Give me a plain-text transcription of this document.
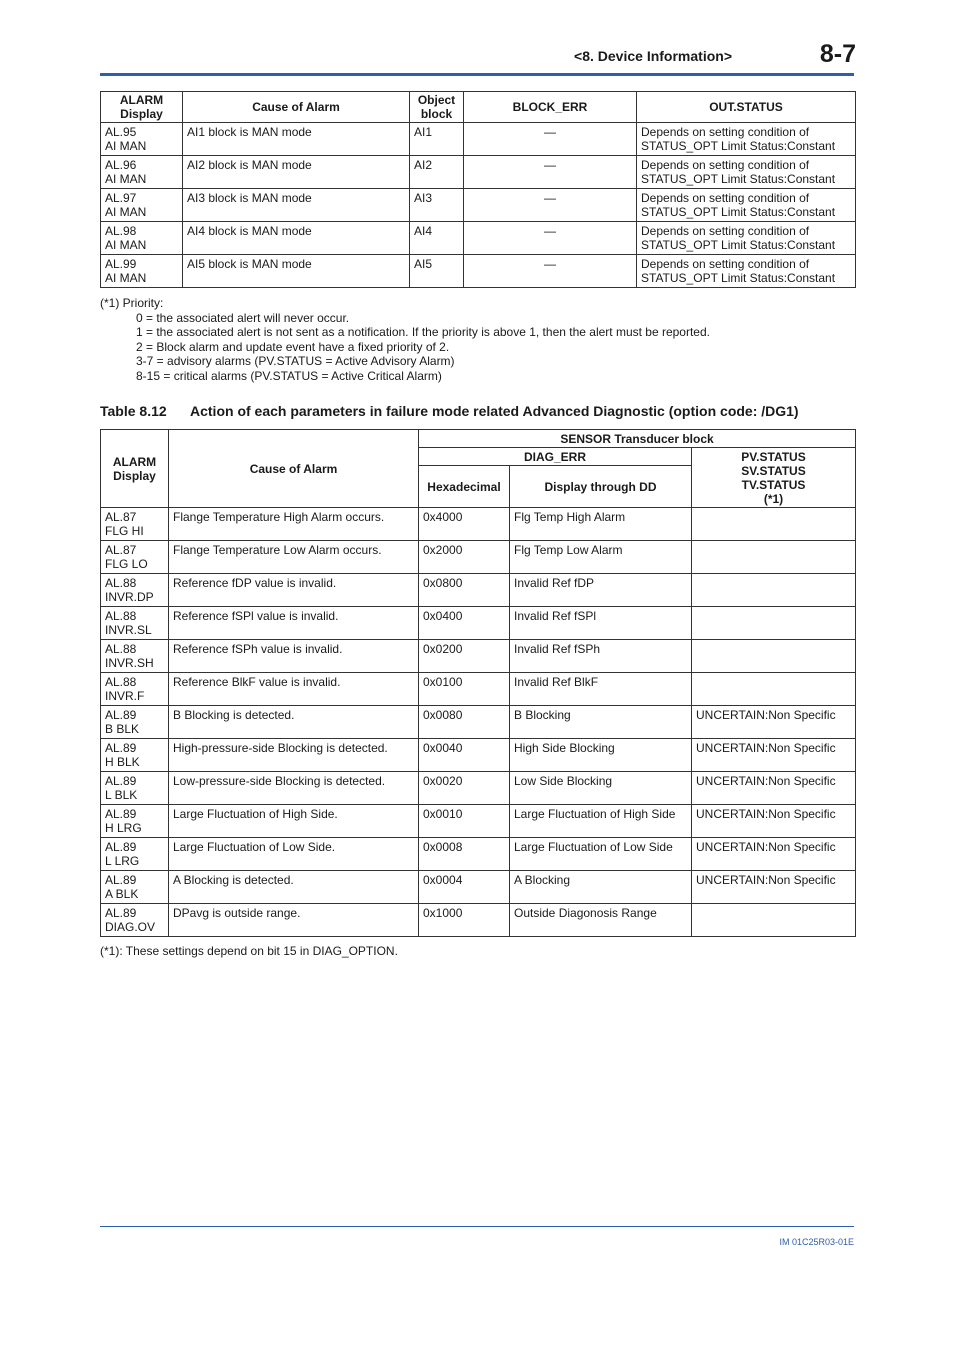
<8. Device Information>	8-7
ALARM Display	Cause of Alarm	Object block	BLOCK_ERR	OUT.STATUS
AL.95
AI MAN	AI1 block is MAN mode	AI1	—	Depends on setting condition of
STATUS_OPT Limit Status:Constant
AL.96
AI MAN	AI2 block is MAN mode	AI2	—	Depends on setting condition of
STATUS_OPT Limit Status:Constant
AL.97
AI MAN	AI3 block is MAN mode	AI3	—	Depends on setting condition of
STATUS_OPT Limit Status:Constant
AL.98
AI MAN	AI4 block is MAN mode	AI4	—	Depends on setting condition of
STATUS_OPT Limit Status:Constant
AL.99
AI MAN	AI5 block is MAN mode	AI5	—	Depends on setting condition of
STATUS_OPT Limit Status:Constant
(*1) Priority:
0 = the associated alert will never occur.
1 = the associated alert is not sent as a notification. If the priority is above 1, then the alert must be reported.
2 = Block alarm and update event have a fixed priority of 2.
3-7 = advisory alarms (PV.STATUS = Active Advisory Alarm)
8-15 = critical alarms (PV.STATUS = Active Critical Alarm)
Table 8.12 Action of each parameters in failure mode related Advanced Diagnostic (option code: /DG1)
ALARM
Display	Cause of Alarm	SENSOR Transducer block		
		DIAG_ERR		PV.STATUS
SV.STATUS
TV.STATUS
(*1)
		Hexadecimal	Display through DD	
AL.87
FLG HI	Flange Temperature High Alarm occurs.	0x4000	Flg Temp High Alarm	
AL.87
FLG LO	Flange Temperature Low Alarm occurs.	0x2000	Flg Temp Low Alarm	
AL.88
INVR.DP	Reference fDP value is invalid.	0x0800	Invalid Ref fDP	
AL.88
INVR.SL	Reference fSPl value is invalid.	0x0400	Invalid Ref fSPl	
AL.88
INVR.SH	Reference fSPh value is invalid.	0x0200	Invalid Ref fSPh	
AL.88
INVR.F	Reference BlkF value is invalid.	0x0100	Invalid Ref BlkF	
AL.89
B BLK	B Blocking is detected.	0x0080	B Blocking	UNCERTAIN:Non Specific
AL.89
H BLK	High-pressure-side Blocking is detected.	0x0040	High Side Blocking	UNCERTAIN:Non Specific
AL.89
L BLK	Low-pressure-side Blocking is detected.	0x0020	Low Side Blocking	UNCERTAIN:Non Specific
AL.89
H LRG	Large Fluctuation of High Side.	0x0010	Large Fluctuation of High Side	UNCERTAIN:Non Specific
AL.89
L LRG	Large Fluctuation of Low Side.	0x0008	Large Fluctuation of Low Side	UNCERTAIN:Non Specific
AL.89
A BLK	A Blocking is detected.	0x0004	A Blocking	UNCERTAIN:Non Specific
AL.89
DIAG.OV	DPavg is outside range.	0x1000	Outside Diagonosis Range	
(*1): These settings depend on bit 15 in DIAG_OPTION.
IM 01C25R03-01E
